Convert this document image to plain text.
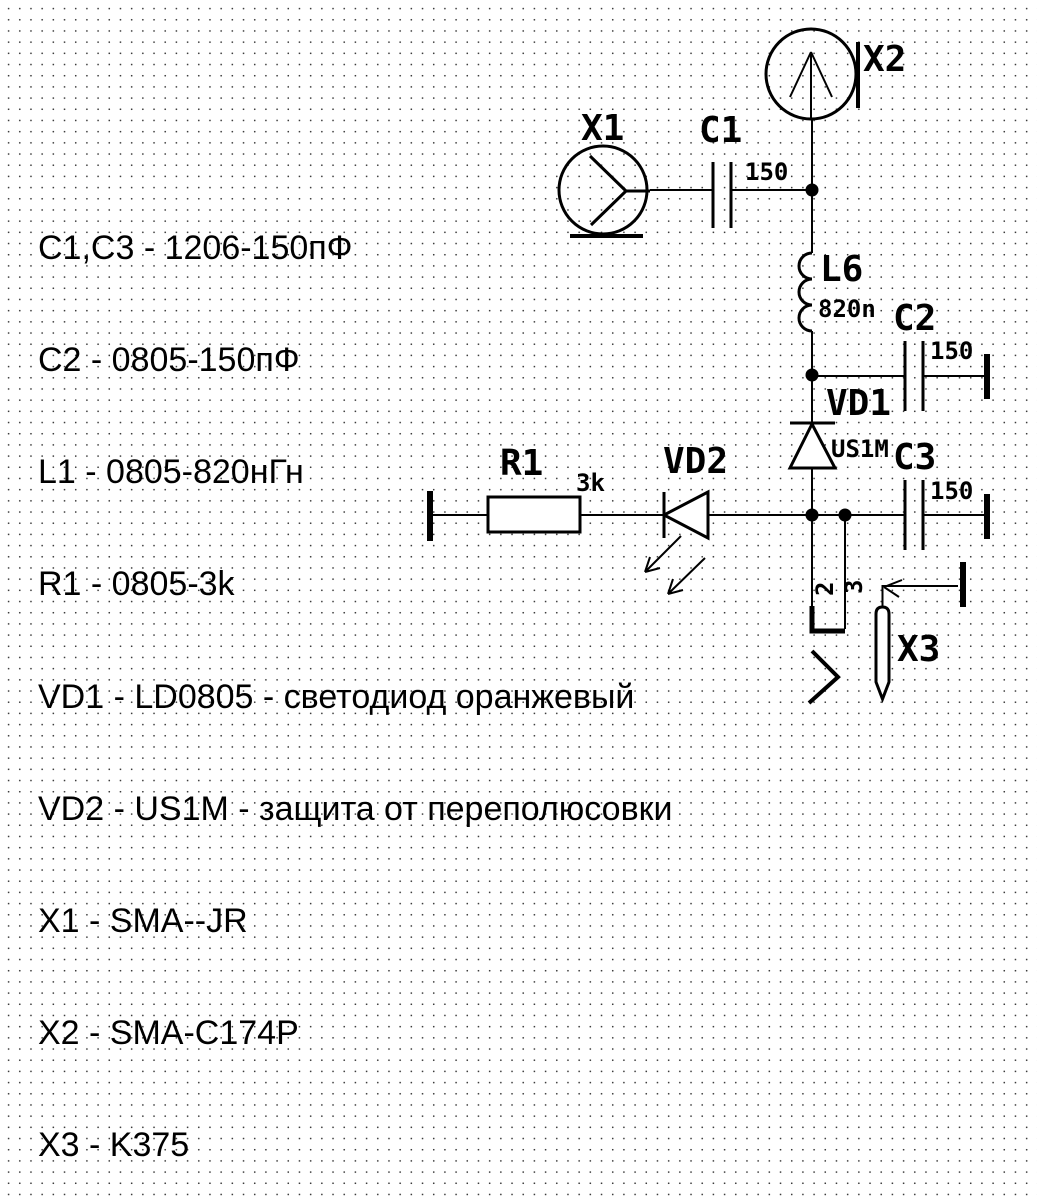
C1,C3 - 1206-150пФ

C2 - 0805-150пФ

L1 - 0805-820нГн

R1 - 0805-3k

VD1 - LD0805 - светодиод оранжевый

VD2 - US1M - защита от переполюсовки

X1 - SMA--JR

X2 - SMA-C174P

X3 - K375

X1
X2
C1
150
L6
820n C2
150
VD1
US1M C3
150
R1 3k
VD2
2 3
X3
